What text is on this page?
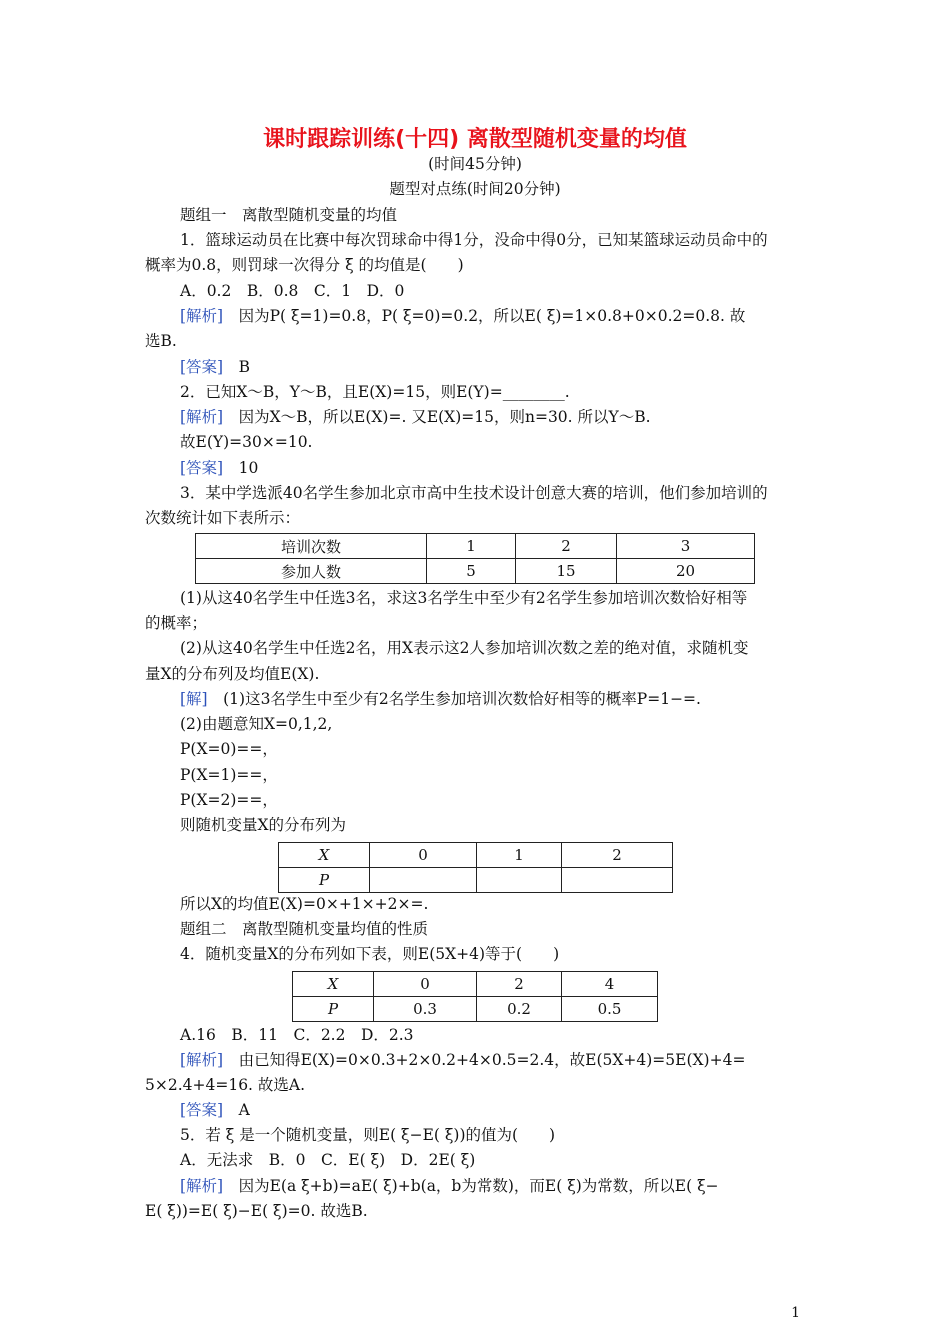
课时跟踪训练(十四) 离散型随机变量的均值
(时间45分钟)
题型对点练(时间20分钟)
题组一　离散型随机变量的均值
1．篮球运动员在比赛中每次罚球命中得1分，没命中得0分，已知某篮球运动员命中的
概率为0.8，则罚球一次得分 ξ 的均值是(　　)
A．0.2　B．0.8　C．1　D．0
[解析]　因为P( ξ=1)=0.8，P( ξ=0)=0.2，所以E( ξ)=1×0.8+0×0.2=0.8. 故
选B.
[答案]　B
2．已知X～B，Y～B，且E(X)=15，则E(Y)=________.
[解析]　因为X～B，所以E(X)=. 又E(X)=15，则n=30. 所以Y～B.
故E(Y)=30×=10.
[答案]　10
3．某中学选派40名学生参加北京市高中生技术设计创意大赛的培训，他们参加培训的
次数统计如下表所示：
培训次数	1	2	3
参加人数	5	15	20
(1)从这40名学生中任选3名，求这3名学生中至少有2名学生参加培训次数恰好相等
的概率；
(2)从这40名学生中任选2名，用X表示这2人参加培训次数之差的绝对值，求随机变
量X的分布列及均值E(X).
[解]　(1)这3名学生中至少有2名学生参加培训次数恰好相等的概率P=1−=.
(2)由题意知X=0,1,2,
P(X=0)==，
P(X=1)==，
P(X=2)==，
则随机变量X的分布列为
X	0	1	2
P			
所以X的均值E(X)=0×+1×+2×=.
题组二　离散型随机变量均值的性质
4．随机变量X的分布列如下表，则E(5X+4)等于(　　)
X	0	2	4
P	0.3	0.2	0.5
A.16　B．11　C．2.2　D．2.3
[解析]　由已知得E(X)=0×0.3+2×0.2+4×0.5=2.4，故E(5X+4)=5E(X)+4=
5×2.4+4=16. 故选A.
[答案]　A
5．若 ξ 是一个随机变量，则E( ξ−E( ξ))的值为(　　)
A．无法求　B．0　C．E( ξ)　D．2E( ξ)
[解析]　因为E(a ξ+b)=aE( ξ)+b(a，b为常数)，而E( ξ)为常数，所以E( ξ−
E( ξ))=E( ξ)−E( ξ)=0. 故选B.
1
